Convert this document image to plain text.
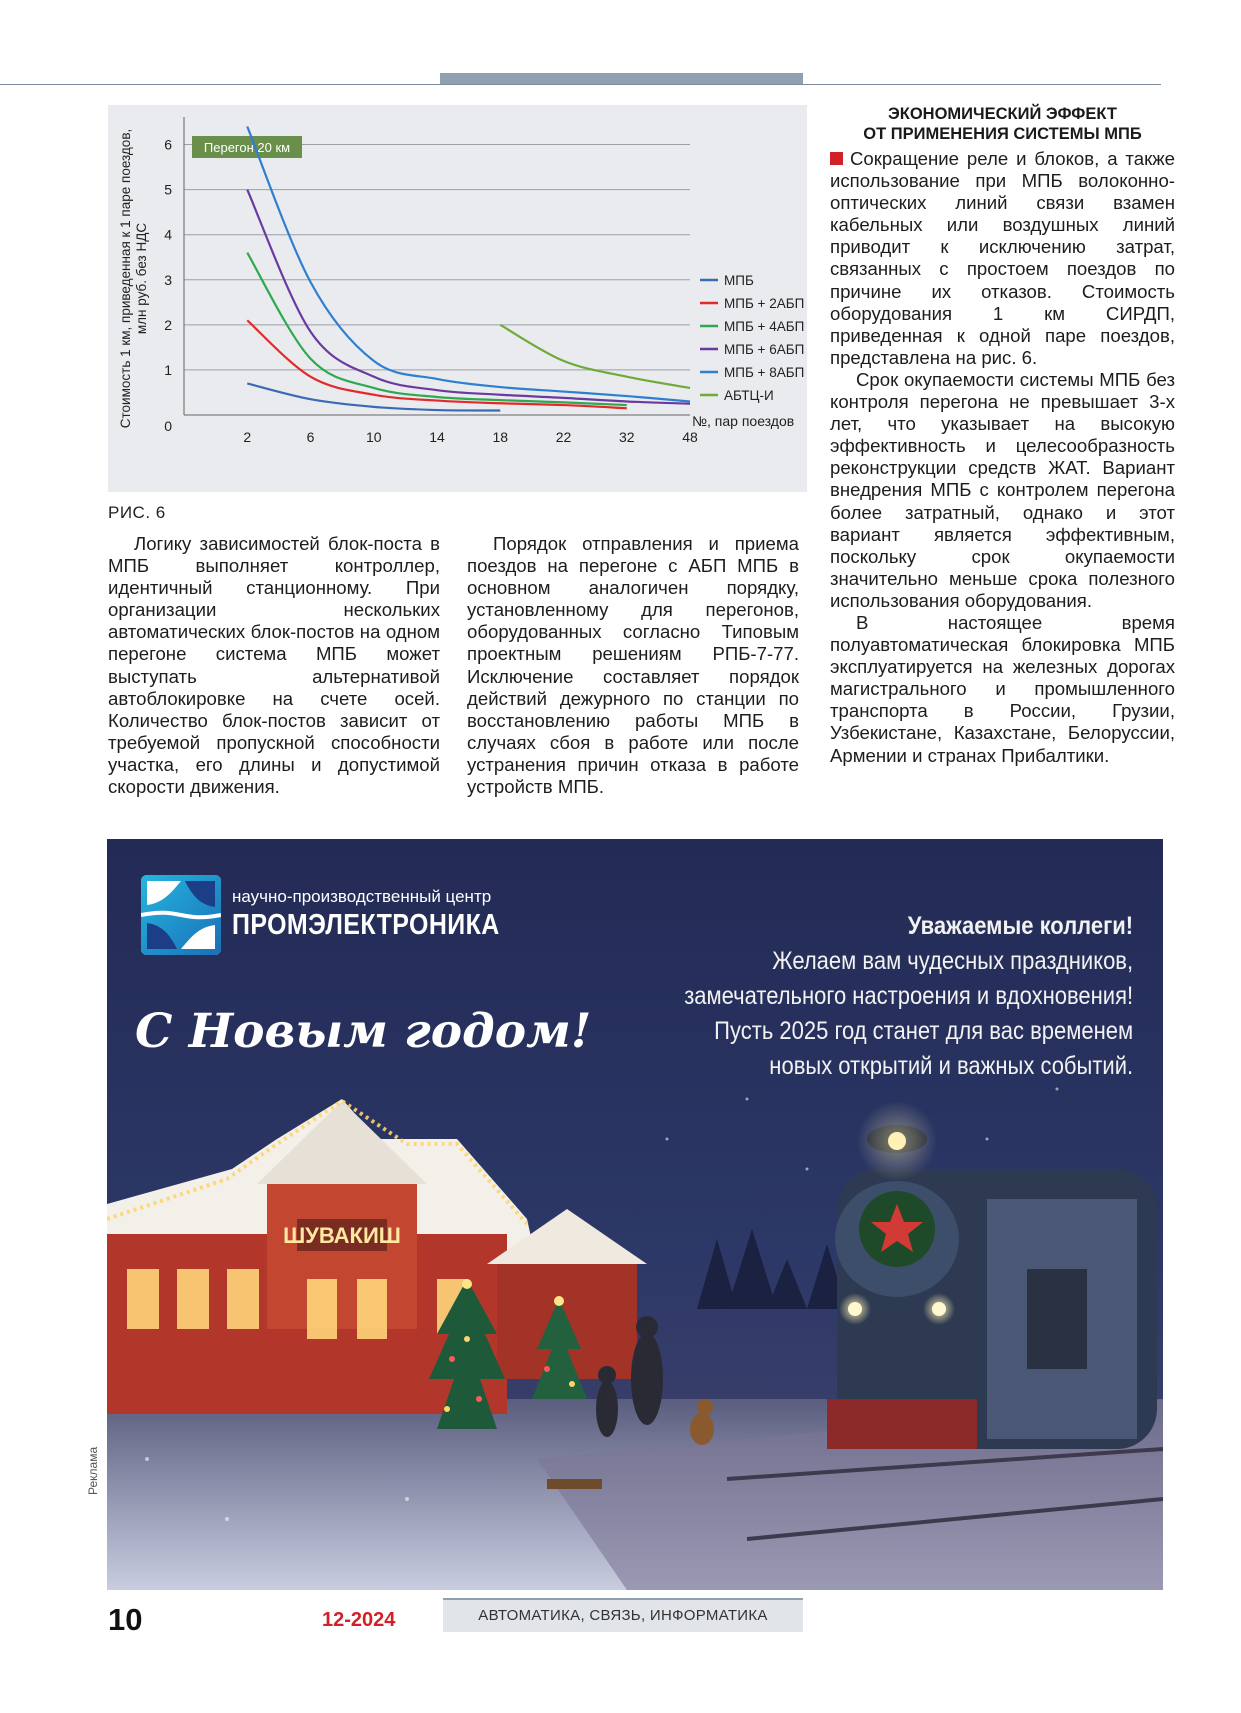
1
2
3
4
5
6
0
2	6	10	14	18	22	32	48
№, пар поездов
Стоимость 1 км, приведенная к 1 паре поездов, млн руб. без НДС
Перегон 20 км
МПБ
МПБ + 2АБП
МПБ + 4АБП
МПБ + 6АБП
МПБ + 8АБП
АБТЦ-И
РИС. 6

Логику зависимостей блок-поста в МПБ выполняет контроллер, идентичный станционному. При организации нескольких автоматических блок-постов на одном перегоне система МПБ может выступать альтернативой автоблокировке на счете осей. Количество блок-постов зависит от требуемой пропускной способности участка, его длины и допустимой скорости движения.

Порядок отправления и приема поездов на перегоне с АБП МПБ в основном аналогичен порядку, установленному для перегонов, оборудованных согласно Типовым проектным решениям РПБ-7-77. Исключение составляет порядок действий дежурного по станции по восстановлению работы МПБ в случаях сбоя в работе или после устранения причин отказа в работе устройств МПБ.

ЭКОНОМИЧЕСКИЙ ЭФФЕКТ
ОТ ПРИМЕНЕНИЯ СИСТЕМЫ МПБ

Сокращение реле и блоков, а также использование при МПБ волоконно-оптических линий связи взамен кабельных или воздушных линий приводит к исключению затрат, связанных с простоем поездов по причине их отказов. Стоимость оборудования 1 км СИРДП, приведенная к одной паре поездов, представлена на рис. 6.

Срок окупаемости системы МПБ без контроля перегона не превышает 3-х лет, что указывает на высокую эффективность и целесообразность реконструкции средств ЖАТ. Вариант внедрения МПБ с контролем перегона более затратный, однако и этот вариант является эффективным, поскольку срок окупаемости значительно меньше срока полезного использования оборудования.

В настоящее время полуавтоматическая блокировка МПБ эксплуатируется на железных дорогах магистрального и промышленного транспорта в России, Грузии, Узбекистане, Казахстане, Белоруссии, Армении и странах Прибалтики.

ШУВАКИШ
научно-производственный центр
ПРОМЭЛЕКТРОНИКА	Уважаемые коллеги!
Желаем вам чудесных праздников,
замечательного настроения и вдохновения!
Пусть 2025 год станет для вас временем
новых открытий и важных событий.
С Новым годом!
Реклама
10	12-2024	АВТОМАТИКА, СВЯЗЬ, ИНФОРМАТИКА
